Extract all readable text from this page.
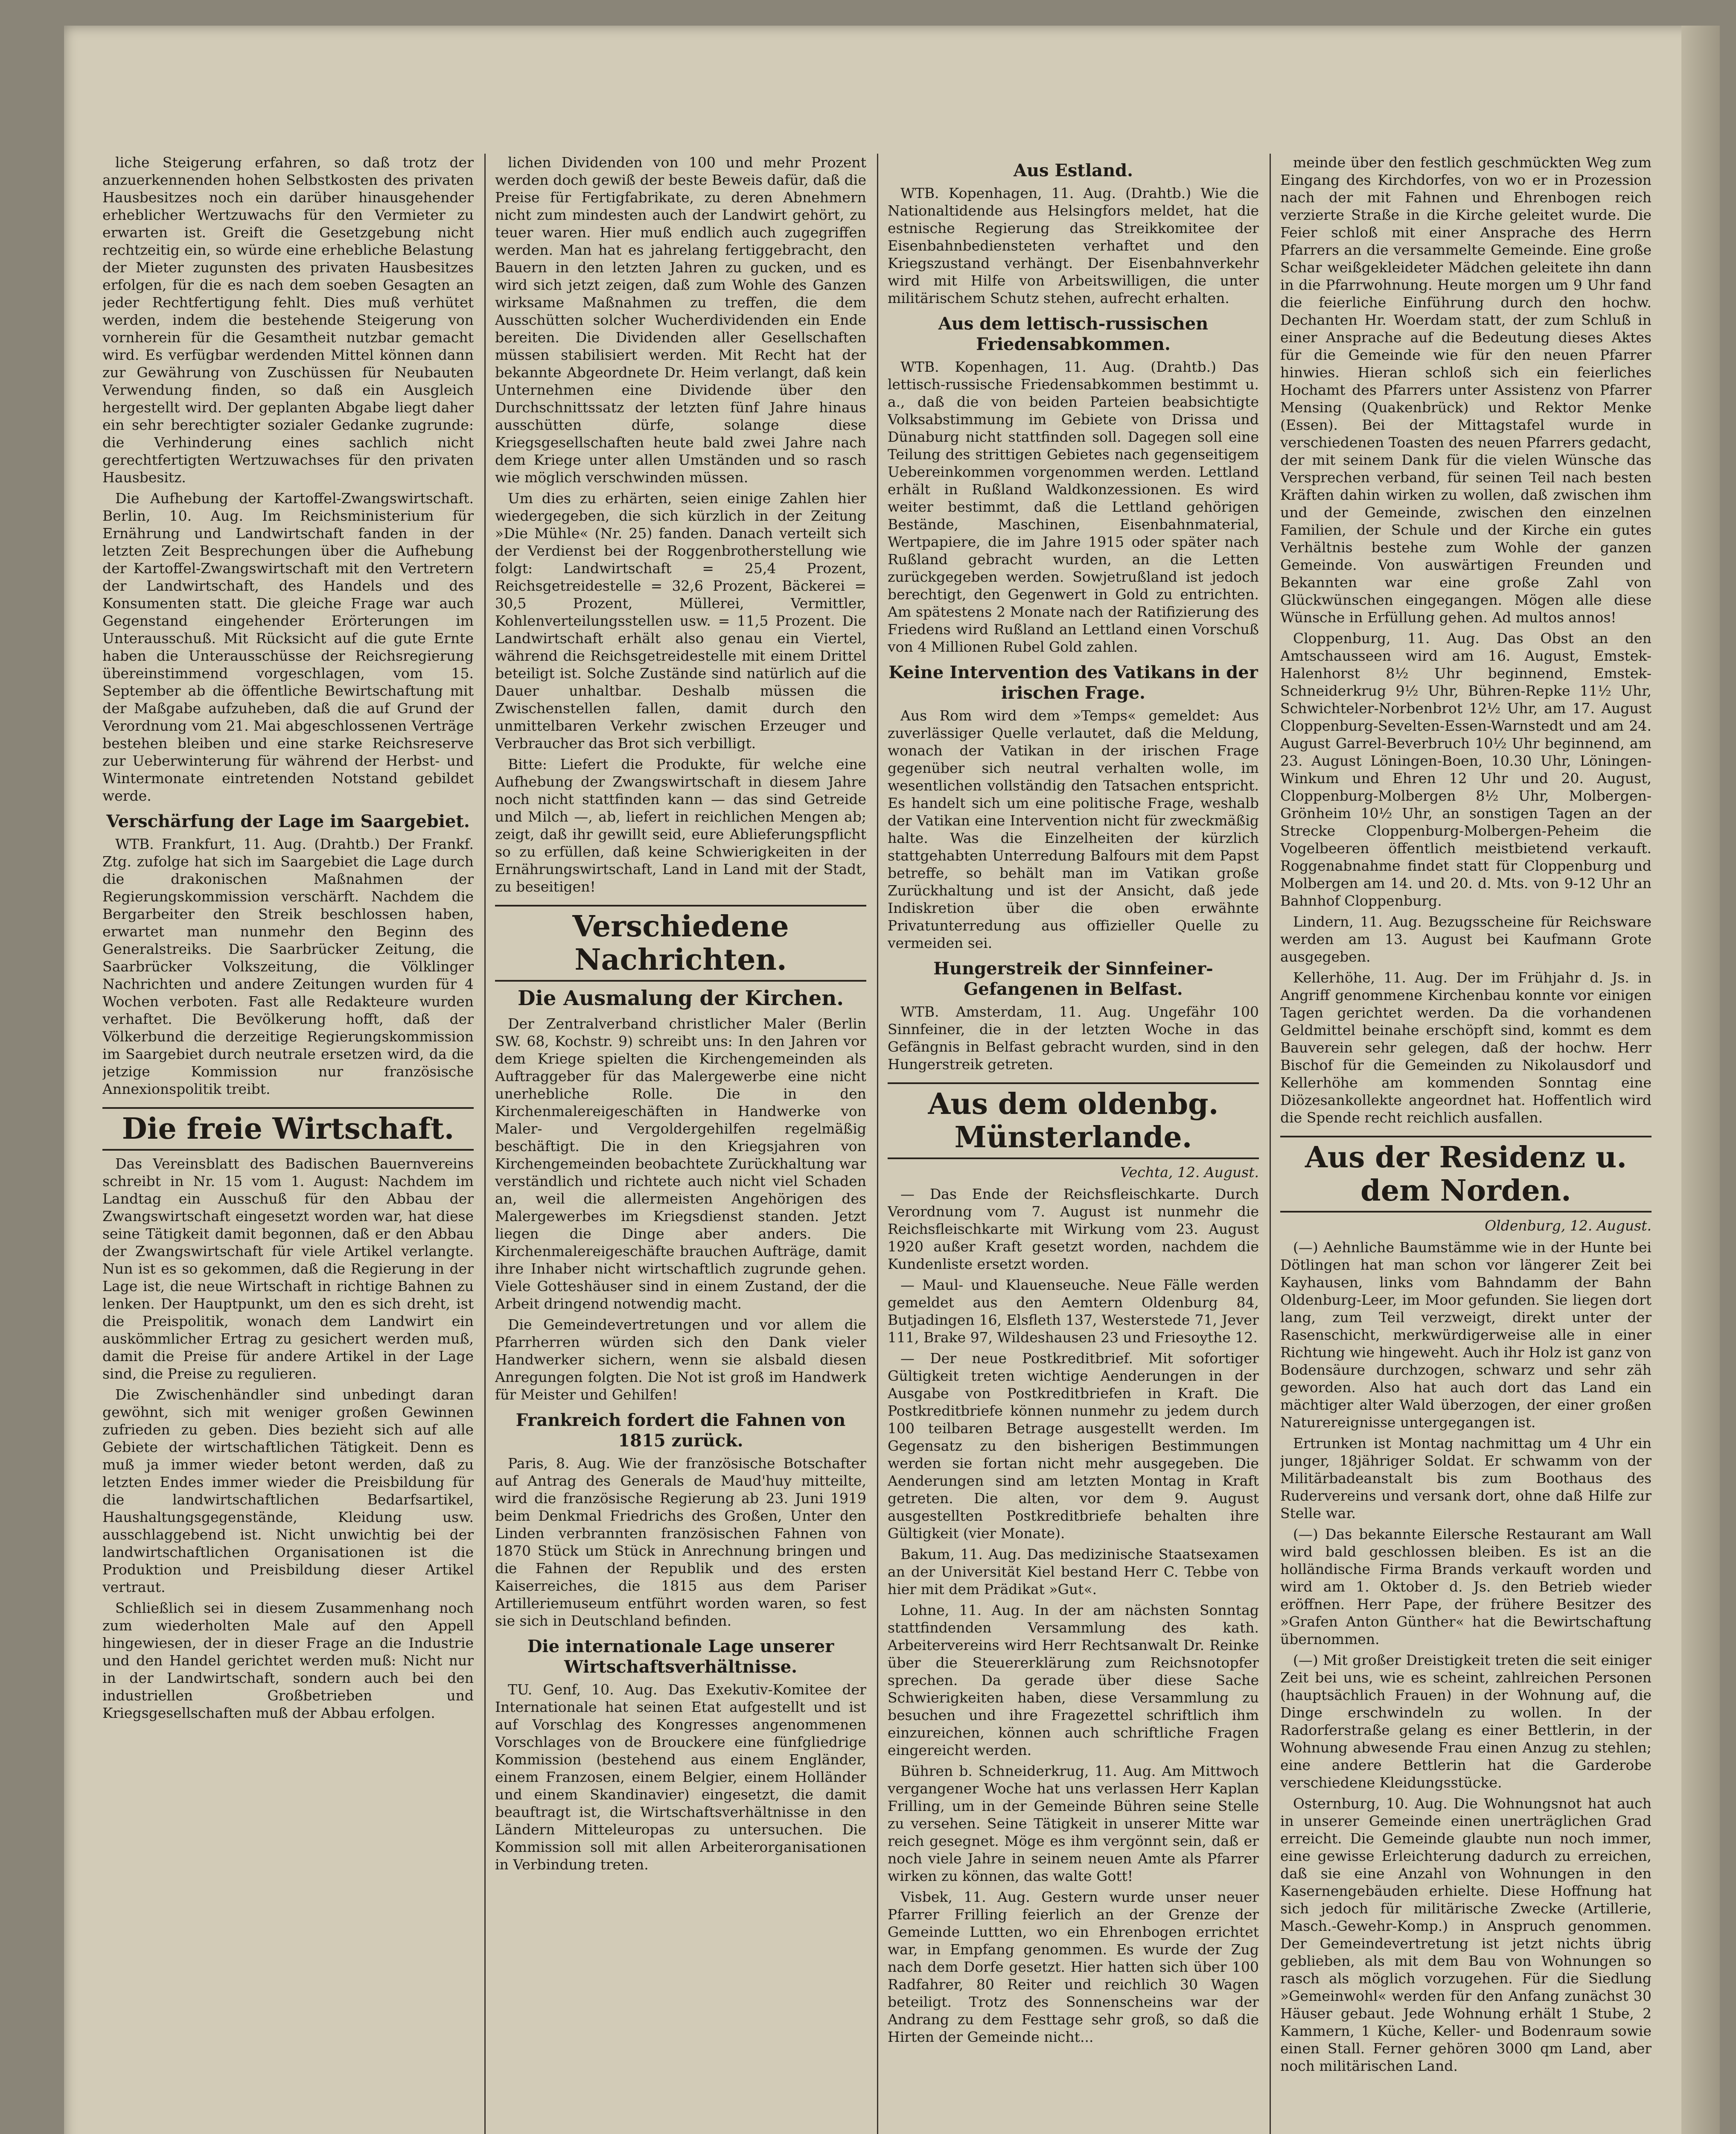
liche Steigerung erfahren, so daß trotz der anzuerkennenden hohen Selbstkosten des privaten Hausbesitzes noch ein darüber hinausgehender erheblicher Wertzuwachs für den Vermieter zu erwarten ist. Greift die Gesetzgebung nicht rechtzeitig ein, so würde eine erhebliche Belastung der Mieter zugunsten des privaten Hausbesitzes erfolgen, für die es nach dem soeben Gesagten an jeder Rechtfertigung fehlt. Dies muß verhütet werden, indem die bestehende Steigerung von vornherein für die Gesamtheit nutzbar gemacht wird. Es verfügbar werdenden Mittel können dann zur Gewährung von Zuschüssen für Neubauten Verwendung finden, so daß ein Ausgleich hergestellt wird. Der geplanten Abgabe liegt daher ein sehr berechtigter sozialer Gedanke zugrunde: die Verhinderung eines sachlich nicht gerechtfertigten Wertzuwachses für den privaten Hausbesitz.

Die Aufhebung der Kartoffel-Zwangswirtschaft. Berlin, 10. Aug. Im Reichsministerium für Ernährung und Landwirtschaft fanden in der letzten Zeit Besprechungen über die Aufhebung der Kartoffel-Zwangswirtschaft mit den Vertretern der Landwirtschaft, des Handels und des Konsumenten statt. Die gleiche Frage war auch Gegenstand eingehender Erörterungen im Unterausschuß. Mit Rücksicht auf die gute Ernte haben die Unterausschüsse der Reichsregierung übereinstimmend vorgeschlagen, vom 15. September ab die öffentliche Bewirtschaftung mit der Maßgabe aufzuheben, daß die auf Grund der Verordnung vom 21. Mai abgeschlossenen Verträge bestehen bleiben und eine starke Reichsreserve zur Ueberwinterung für während der Herbst- und Wintermonate eintretenden Notstand gebildet werde.

Verschärfung der Lage im Saargebiet.

WTB. Frankfurt, 11. Aug. (Drahtb.) Der Frankf. Ztg. zufolge hat sich im Saargebiet die Lage durch die drakonischen Maßnahmen der Regierungskommission verschärft. Nachdem die Bergarbeiter den Streik beschlossen haben, erwartet man nunmehr den Beginn des Generalstreiks. Die Saarbrücker Zeitung, die Saarbrücker Volkszeitung, die Völklinger Nachrichten und andere Zeitungen wurden für 4 Wochen verboten. Fast alle Redakteure wurden verhaftet. Die Bevölkerung hofft, daß der Völkerbund die derzeitige Regierungskommission im Saargebiet durch neutrale ersetzen wird, da die jetzige Kommission nur französische Annexionspolitik treibt.

Die freie Wirtschaft.

Das Vereinsblatt des Badischen Bauernvereins schreibt in Nr. 15 vom 1. August: Nachdem im Landtag ein Ausschuß für den Abbau der Zwangswirtschaft eingesetzt worden war, hat diese seine Tätigkeit damit begonnen, daß er den Abbau der Zwangswirtschaft für viele Artikel verlangte. Nun ist es so gekommen, daß die Regierung in der Lage ist, die neue Wirtschaft in richtige Bahnen zu lenken. Der Hauptpunkt, um den es sich dreht, ist die Preispolitik, wonach dem Landwirt ein auskömmlicher Ertrag zu gesichert werden muß, damit die Preise für andere Artikel in der Lage sind, die Preise zu regulieren.

Die Zwischenhändler sind unbedingt daran gewöhnt, sich mit weniger großen Gewinnen zufrieden zu geben. Dies bezieht sich auf alle Gebiete der wirtschaftlichen Tätigkeit. Denn es muß ja immer wieder betont werden, daß zu letzten Endes immer wieder die Preisbildung für die landwirtschaftlichen Bedarfsartikel, Haushaltungsgegenstände, Kleidung usw. ausschlaggebend ist. Nicht unwichtig bei der landwirtschaftlichen Organisationen ist die Produktion und Preisbildung dieser Artikel vertraut.

Schließlich sei in diesem Zusammenhang noch zum wiederholten Male auf den Appell hingewiesen, der in dieser Frage an die Industrie und den Handel gerichtet werden muß: Nicht nur in der Landwirtschaft, sondern auch bei den industriellen Großbetrieben und Kriegsgesellschaften muß der Abbau erfolgen.

lichen Dividenden von 100 und mehr Prozent werden doch gewiß der beste Beweis dafür, daß die Preise für Fertigfabrikate, zu deren Abnehmern nicht zum mindesten auch der Landwirt gehört, zu teuer waren. Hier muß endlich auch zugegriffen werden. Man hat es jahrelang fertiggebracht, den Bauern in den letzten Jahren zu gucken, und es wird sich jetzt zeigen, daß zum Wohle des Ganzen wirksame Maßnahmen zu treffen, die dem Ausschütten solcher Wucherdividenden ein Ende bereiten. Die Dividenden aller Gesellschaften müssen stabilisiert werden. Mit Recht hat der bekannte Abgeordnete Dr. Heim verlangt, daß kein Unternehmen eine Dividende über den Durchschnittssatz der letzten fünf Jahre hinaus ausschütten dürfe, solange diese Kriegsgesellschaften heute bald zwei Jahre nach dem Kriege unter allen Umständen und so rasch wie möglich verschwinden müssen.

Um dies zu erhärten, seien einige Zahlen hier wiedergegeben, die sich kürzlich in der Zeitung »Die Mühle« (Nr. 25) fanden. Danach verteilt sich der Verdienst bei der Roggenbrotherstellung wie folgt: Landwirtschaft = 25,4 Prozent, Reichsgetreidestelle = 32,6 Prozent, Bäckerei = 30,5 Prozent, Müllerei, Vermittler, Kohlenverteilungsstellen usw. = 11,5 Prozent. Die Landwirtschaft erhält also genau ein Viertel, während die Reichsgetreidestelle mit einem Drittel beteiligt ist. Solche Zustände sind natürlich auf die Dauer unhaltbar. Deshalb müssen die Zwischenstellen fallen, damit durch den unmittelbaren Verkehr zwischen Erzeuger und Verbraucher das Brot sich verbilligt.

Bitte: Liefert die Produkte, für welche eine Aufhebung der Zwangswirtschaft in diesem Jahre noch nicht stattfinden kann — das sind Getreide und Milch —, ab, liefert in reichlichen Mengen ab; zeigt, daß ihr gewillt seid, eure Ablieferungspflicht so zu erfüllen, daß keine Schwierigkeiten in der Ernährungswirtschaft, Land in Land mit der Stadt, zu beseitigen!

Verschiedene Nachrichten.
Die Ausmalung der Kirchen.

Der Zentralverband christlicher Maler (Berlin SW. 68, Kochstr. 9) schreibt uns: In den Jahren vor dem Kriege spielten die Kirchengemeinden als Auftraggeber für das Malergewerbe eine nicht unerhebliche Rolle. Die in den Kirchenmalereigeschäften in Handwerke von Maler- und Vergoldergehilfen regelmäßig beschäftigt. Die in den Kriegsjahren von Kirchengemeinden beobachtete Zurückhaltung war verständlich und richtete auch nicht viel Schaden an, weil die allermeisten Angehörigen des Malergewerbes im Kriegsdienst standen. Jetzt liegen die Dinge aber anders. Die Kirchenmalereigeschäfte brauchen Aufträge, damit ihre Inhaber nicht wirtschaftlich zugrunde gehen. Viele Gotteshäuser sind in einem Zustand, der die Arbeit dringend notwendig macht.

Die Gemeindevertretungen und vor allem die Pfarrherren würden sich den Dank vieler Handwerker sichern, wenn sie alsbald diesen Anregungen folgten. Die Not ist groß im Handwerk für Meister und Gehilfen!

Frankreich fordert die Fahnen von 1815 zurück.

Paris, 8. Aug. Wie der französische Botschafter auf Antrag des Generals de Maud'huy mitteilte, wird die französische Regierung ab 23. Juni 1919 beim Denkmal Friedrichs des Großen, Unter den Linden verbrannten französischen Fahnen von 1870 Stück um Stück in Anrechnung bringen und die Fahnen der Republik und des ersten Kaiserreiches, die 1815 aus dem Pariser Artilleriemuseum entführt worden waren, so fest sie sich in Deutschland befinden.

Die internationale Lage unserer Wirtschaftsverhältnisse.

TU. Genf, 10. Aug. Das Exekutiv-Komitee der Internationale hat seinen Etat aufgestellt und ist auf Vorschlag des Kongresses angenommenen Vorschlages von de Brouckere eine fünfgliedrige Kommission (bestehend aus einem Engländer, einem Franzosen, einem Belgier, einem Holländer und einem Skandinavier) eingesetzt, die damit beauftragt ist, die Wirtschaftsverhältnisse in den Ländern Mitteleuropas zu untersuchen. Die Kommission soll mit allen Arbeiterorganisationen in Verbindung treten.

Aus Estland.

WTB. Kopenhagen, 11. Aug. (Drahtb.) Wie die Nationaltidende aus Helsingfors meldet, hat die estnische Regierung das Streikkomitee der Eisenbahnbediensteten verhaftet und den Kriegszustand verhängt. Der Eisenbahnverkehr wird mit Hilfe von Arbeitswilligen, die unter militärischem Schutz stehen, aufrecht erhalten.

Aus dem lettisch-russischen Friedensabkommen.

WTB. Kopenhagen, 11. Aug. (Drahtb.) Das lettisch-russische Friedensabkommen bestimmt u. a., daß die von beiden Parteien beabsichtigte Volksabstimmung im Gebiete von Drissa und Dünaburg nicht stattfinden soll. Dagegen soll eine Teilung des strittigen Gebietes nach gegenseitigem Uebereinkommen vorgenommen werden. Lettland erhält in Rußland Waldkonzessionen. Es wird weiter bestimmt, daß die Lettland gehörigen Bestände, Maschinen, Eisenbahnmaterial, Wertpapiere, die im Jahre 1915 oder später nach Rußland gebracht wurden, an die Letten zurückgegeben werden. Sowjetrußland ist jedoch berechtigt, den Gegenwert in Gold zu entrichten. Am spätestens 2 Monate nach der Ratifizierung des Friedens wird Rußland an Lettland einen Vorschuß von 4 Millionen Rubel Gold zahlen.

Keine Intervention des Vatikans in der irischen Frage.

Aus Rom wird dem »Temps« gemeldet: Aus zuverlässiger Quelle verlautet, daß die Meldung, wonach der Vatikan in der irischen Frage gegenüber sich neutral verhalten wolle, im wesentlichen vollständig den Tatsachen entspricht. Es handelt sich um eine politische Frage, weshalb der Vatikan eine Intervention nicht für zweckmäßig halte. Was die Einzelheiten der kürzlich stattgehabten Unterredung Balfours mit dem Papst betreffe, so behält man im Vatikan große Zurückhaltung und ist der Ansicht, daß jede Indiskretion über die oben erwähnte Privatunterredung aus offizieller Quelle zu vermeiden sei.

Hungerstreik der Sinnfeiner-Gefangenen in Belfast.

WTB. Amsterdam, 11. Aug. Ungefähr 100 Sinnfeiner, die in der letzten Woche in das Gefängnis in Belfast gebracht wurden, sind in den Hungerstreik getreten.

Aus dem oldenbg. Münsterlande.
Vechta, 12. August.

— Das Ende der Reichsfleischkarte. Durch Verordnung vom 7. August ist nunmehr die Reichsfleischkarte mit Wirkung vom 23. August 1920 außer Kraft gesetzt worden, nachdem die Kundenliste ersetzt worden.

— Maul- und Klauenseuche. Neue Fälle werden gemeldet aus den Aemtern Oldenburg 84, Butjadingen 16, Elsfleth 137, Westerstede 71, Jever 111, Brake 97, Wildeshausen 23 und Friesoythe 12.

— Der neue Postkreditbrief. Mit sofortiger Gültigkeit treten wichtige Aenderungen in der Ausgabe von Postkreditbriefen in Kraft. Die Postkreditbriefe können nunmehr zu jedem durch 100 teilbaren Betrage ausgestellt werden. Im Gegensatz zu den bisherigen Bestimmungen werden sie fortan nicht mehr ausgegeben. Die Aenderungen sind am letzten Montag in Kraft getreten. Die alten, vor dem 9. August ausgestellten Postkreditbriefe behalten ihre Gültigkeit (vier Monate).

Bakum, 11. Aug. Das medizinische Staatsexamen an der Universität Kiel bestand Herr C. Tebbe von hier mit dem Prädikat »Gut«.

Lohne, 11. Aug. In der am nächsten Sonntag stattfindenden Versammlung des kath. Arbeitervereins wird Herr Rechtsanwalt Dr. Reinke über die Steuererklärung zum Reichsnotopfer sprechen. Da gerade über diese Sache Schwierigkeiten haben, diese Versammlung zu besuchen und ihre Fragezettel schriftlich ihm einzureichen, können auch schriftliche Fragen eingereicht werden.

Bühren b. Schneiderkrug, 11. Aug. Am Mittwoch vergangener Woche hat uns verlassen Herr Kaplan Frilling, um in der Gemeinde Bühren seine Stelle zu versehen. Seine Tätigkeit in unserer Mitte war reich gesegnet. Möge es ihm vergönnt sein, daß er noch viele Jahre in seinem neuen Amte als Pfarrer wirken zu können, das walte Gott!

Visbek, 11. Aug. Gestern wurde unser neuer Pfarrer Frilling feierlich an der Grenze der Gemeinde Luttten, wo ein Ehrenbogen errichtet war, in Empfang genommen. Es wurde der Zug nach dem Dorfe gesetzt. Hier hatten sich über 100 Radfahrer, 80 Reiter und reichlich 30 Wagen beteiligt. Trotz des Sonnenscheins war der Andrang zu dem Festtage sehr groß, so daß die Hirten der Gemeinde nicht...

meinde über den festlich geschmückten Weg zum Eingang des Kirchdorfes, von wo er in Prozession nach der mit Fahnen und Ehrenbogen reich verzierte Straße in die Kirche geleitet wurde. Die Feier schloß mit einer Ansprache des Herrn Pfarrers an die versammelte Gemeinde. Eine große Schar weißgekleideter Mädchen geleitete ihn dann in die Pfarrwohnung. Heute morgen um 9 Uhr fand die feierliche Einführung durch den hochw. Dechanten Hr. Woerdam statt, der zum Schluß in einer Ansprache auf die Bedeutung dieses Aktes für die Gemeinde wie für den neuen Pfarrer hinwies. Hieran schloß sich ein feierliches Hochamt des Pfarrers unter Assistenz von Pfarrer Mensing (Quakenbrück) und Rektor Menke (Essen). Bei der Mittagstafel wurde in verschiedenen Toasten des neuen Pfarrers gedacht, der mit seinem Dank für die vielen Wünsche das Versprechen verband, für seinen Teil nach besten Kräften dahin wirken zu wollen, daß zwischen ihm und der Gemeinde, zwischen den einzelnen Familien, der Schule und der Kirche ein gutes Verhältnis bestehe zum Wohle der ganzen Gemeinde. Von auswärtigen Freunden und Bekannten war eine große Zahl von Glückwünschen eingegangen. Mögen alle diese Wünsche in Erfüllung gehen. Ad multos annos!

Cloppenburg, 11. Aug. Das Obst an den Amtschausseen wird am 16. August, Emstek-Halenhorst 8½ Uhr beginnend, Emstek-Schneiderkrug 9½ Uhr, Bühren-Repke 11½ Uhr, Schwichteler-Norbenbrot 12½ Uhr, am 17. August Cloppenburg-Sevelten-Essen-Warnstedt und am 24. August Garrel-Beverbruch 10½ Uhr beginnend, am 23. August Löningen-Boen, 10.30 Uhr, Löningen-Winkum und Ehren 12 Uhr und 20. August, Cloppenburg-Molbergen 8½ Uhr, Molbergen-Grönheim 10½ Uhr, an sonstigen Tagen an der Strecke Cloppenburg-Molbergen-Peheim die Vogelbeeren öffentlich meistbietend verkauft. Roggenabnahme findet statt für Cloppenburg und Molbergen am 14. und 20. d. Mts. von 9-12 Uhr an Bahnhof Cloppenburg.

Lindern, 11. Aug. Bezugsscheine für Reichsware werden am 13. August bei Kaufmann Grote ausgegeben.

Kellerhöhe, 11. Aug. Der im Frühjahr d. Js. in Angriff genommene Kirchenbau konnte vor einigen Tagen gerichtet werden. Da die vorhandenen Geldmittel beinahe erschöpft sind, kommt es dem Bauverein sehr gelegen, daß der hochw. Herr Bischof für die Gemeinden zu Nikolausdorf und Kellerhöhe am kommenden Sonntag eine Diözesankollekte angeordnet hat. Hoffentlich wird die Spende recht reichlich ausfallen.

Aus der Residenz u. dem Norden.
Oldenburg, 12. August.

(—) Aehnliche Baumstämme wie in der Hunte bei Dötlingen hat man schon vor längerer Zeit bei Kayhausen, links vom Bahndamm der Bahn Oldenburg-Leer, im Moor gefunden. Sie liegen dort lang, zum Teil verzweigt, direkt unter der Rasenschicht, merkwürdigerweise alle in einer Richtung wie hingeweht. Auch ihr Holz ist ganz von Bodensäure durchzogen, schwarz und sehr zäh geworden. Also hat auch dort das Land ein mächtiger alter Wald überzogen, der einer großen Naturereignisse untergegangen ist.

Ertrunken ist Montag nachmittag um 4 Uhr ein junger, 18jähriger Soldat. Er schwamm von der Militärbadeanstalt bis zum Boothaus des Rudervereins und versank dort, ohne daß Hilfe zur Stelle war.

(—) Das bekannte Eilersche Restaurant am Wall wird bald geschlossen bleiben. Es ist an die holländische Firma Brands verkauft worden und wird am 1. Oktober d. Js. den Betrieb wieder eröffnen. Herr Pape, der frühere Besitzer des »Grafen Anton Günther« hat die Bewirtschaftung übernommen.

(—) Mit großer Dreistigkeit treten die seit einiger Zeit bei uns, wie es scheint, zahlreichen Personen (hauptsächlich Frauen) in der Wohnung auf, die Dinge erschwindeln zu wollen. In der Radorferstraße gelang es einer Bettlerin, in der Wohnung abwesende Frau einen Anzug zu stehlen; eine andere Bettlerin hat die Garderobe verschiedene Kleidungsstücke.

Osternburg, 10. Aug. Die Wohnungsnot hat auch in unserer Gemeinde einen unerträglichen Grad erreicht. Die Gemeinde glaubte nun noch immer, eine gewisse Erleichterung dadurch zu erreichen, daß sie eine Anzahl von Wohnungen in den Kasernengebäuden erhielte. Diese Hoffnung hat sich jedoch für militärische Zwecke (Artillerie, Masch.-Gewehr-Komp.) in Anspruch genommen. Der Gemeindevertretung ist jetzt nichts übrig geblieben, als mit dem Bau von Wohnungen so rasch als möglich vorzugehen. Für die Siedlung »Gemeinwohl« werden für den Anfang zunächst 30 Häuser gebaut. Jede Wohnung erhält 1 Stube, 2 Kammern, 1 Küche, Keller- und Bodenraum sowie einen Stall. Ferner gehören 3000 qm Land, aber noch militärischen Land.
